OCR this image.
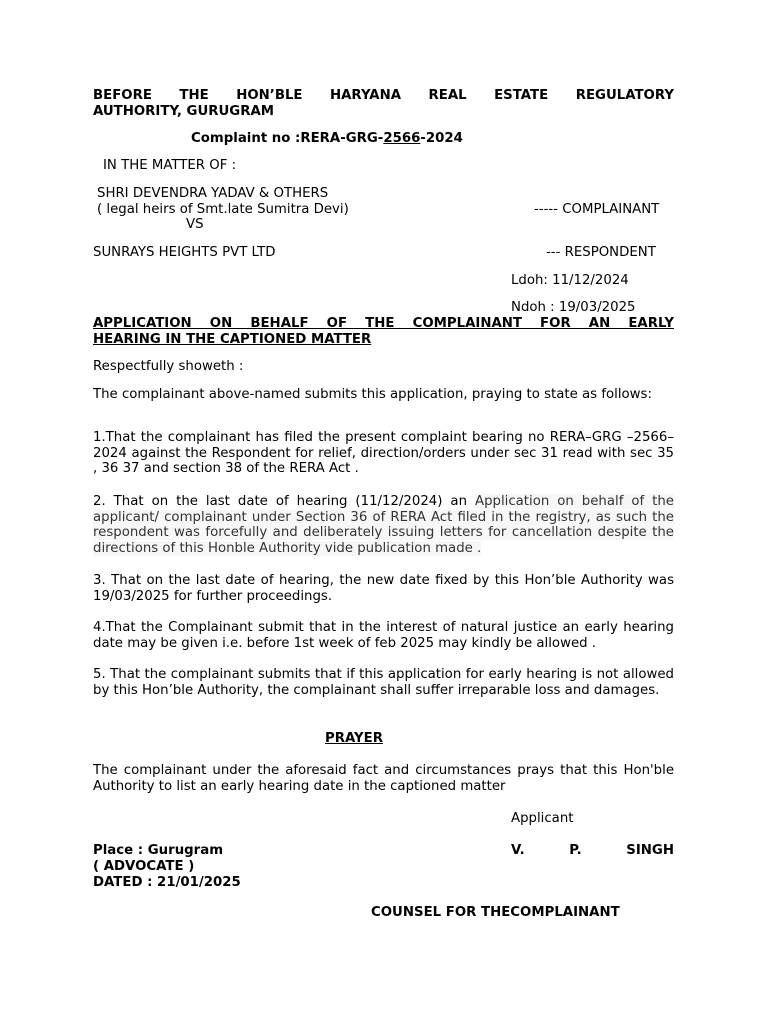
BEFORE THE HON’BLE HARYANA REAL ESTATE REGULATORY
AUTHORITY, GURUGRAM
Complaint no :RERA-GRG-2566-2024
IN THE MATTER OF :
SHRI DEVENDRA YADAV & OTHERS
( legal heirs of Smt.late Sumitra Devi)	----- COMPLAINANT
VS
SUNRAYS HEIGHTS PVT LTD	--- RESPONDENT
Ldoh: 11/12/2024
Ndoh : 19/03/2025
APPLICATION ON BEHALF OF THE COMPLAINANT FOR AN EARLY
HEARING IN THE CAPTIONED MATTER
Respectfully showeth :
The complainant above-named submits this application, praying to state as follows:
1.That the complainant has filed the present complaint bearing no RERA–GRG –2566–2024 against the Respondent for relief, direction/orders under sec 31 read with sec 35 , 36 37 and section 38 of the RERA Act .
2. That on the last date of hearing (11/12/2024) an Application on behalf of the applicant/ complainant under Section 36 of RERA Act filed in the registry, as such the respondent was forcefully and deliberately issuing letters for cancellation despite the directions of this Honble Authority vide publication made .
3. That on the last date of hearing, the new date fixed by this Hon’ble Authority was 19/03/2025 for further proceedings.
4.That the Complainant submit that in the interest of natural justice an early hearing date may be given i.e. before 1st week of feb 2025 may kindly be allowed .
5. That the complainant submits that if this application for early hearing is not allowed by this Hon’ble Authority, the complainant shall suffer irreparable loss and damages.
PRAYER
The complainant under the aforesaid fact and circumstances prays that this Hon'ble Authority to list an early hearing date in the captioned matter
Applicant
Place : Gurugram	V.	P.	SINGH
( ADVOCATE )
DATED : 21/01/2025
COUNSEL FOR THECOMPLAINANT
